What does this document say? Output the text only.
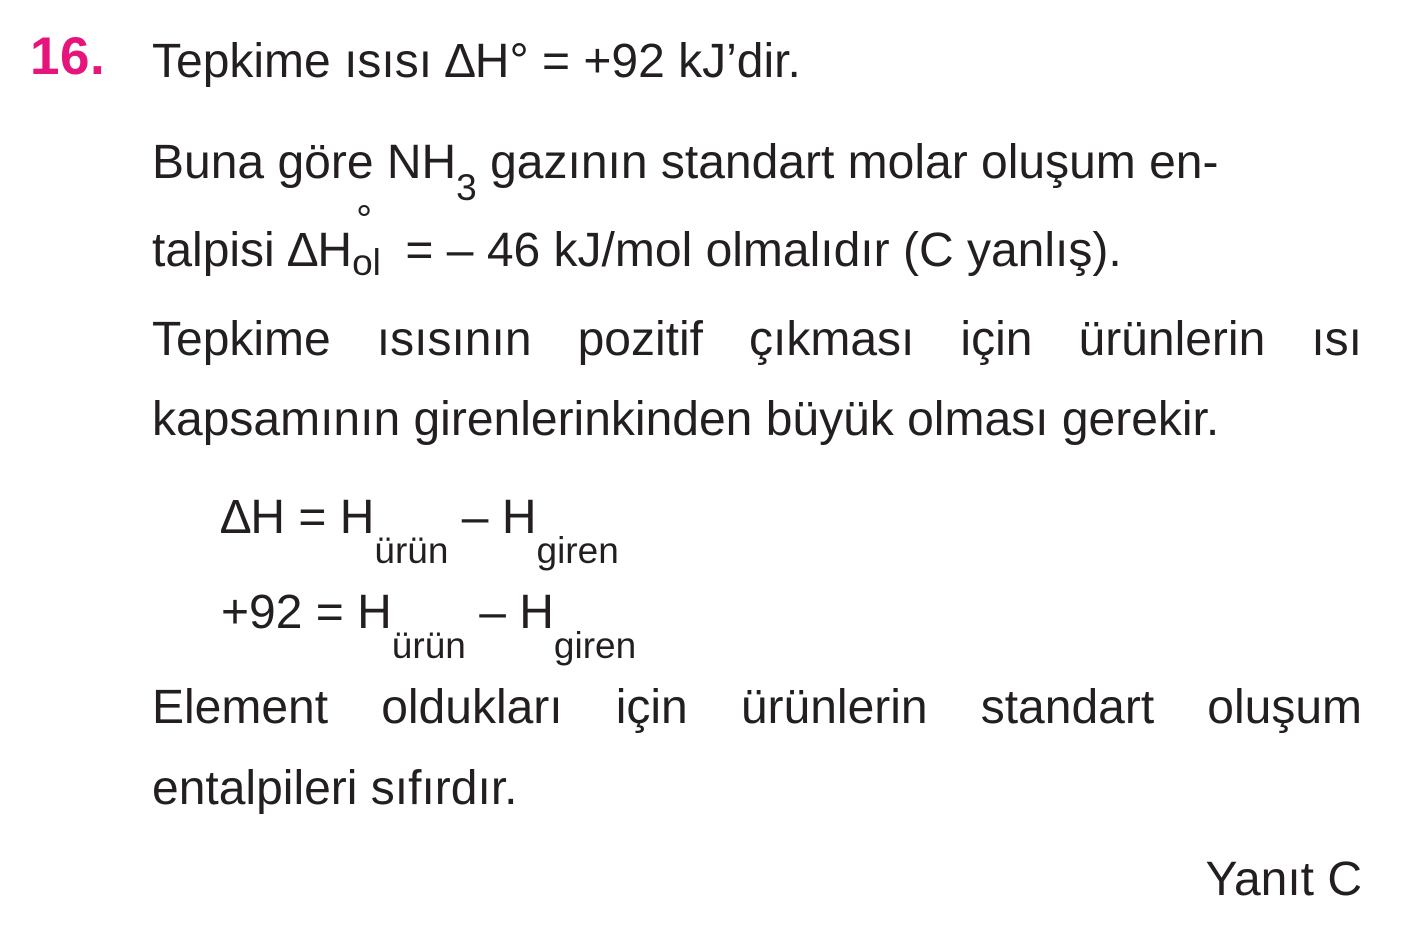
16. Tepkime ısısı ∆H° = +92 kJ’dir.
Buna göre $NH_3$ gazının standart molar oluşum en-
talpisi ∆H
°
ol = – 46 kJ/mol olmalıdır (C yanlış).
Tepkime ısısının pozitif çıkması için ürünlerin ısı
kapsamının girenlerinkinden büyük olması gerekir.
$\Delta H = H_{ürün} - H_{giren}$
$+92 = H_{ürün} - H_{giren}$
Element oldukları için ürünlerin standart oluşum
entalpileri sıfırdır.
Yanıt C
